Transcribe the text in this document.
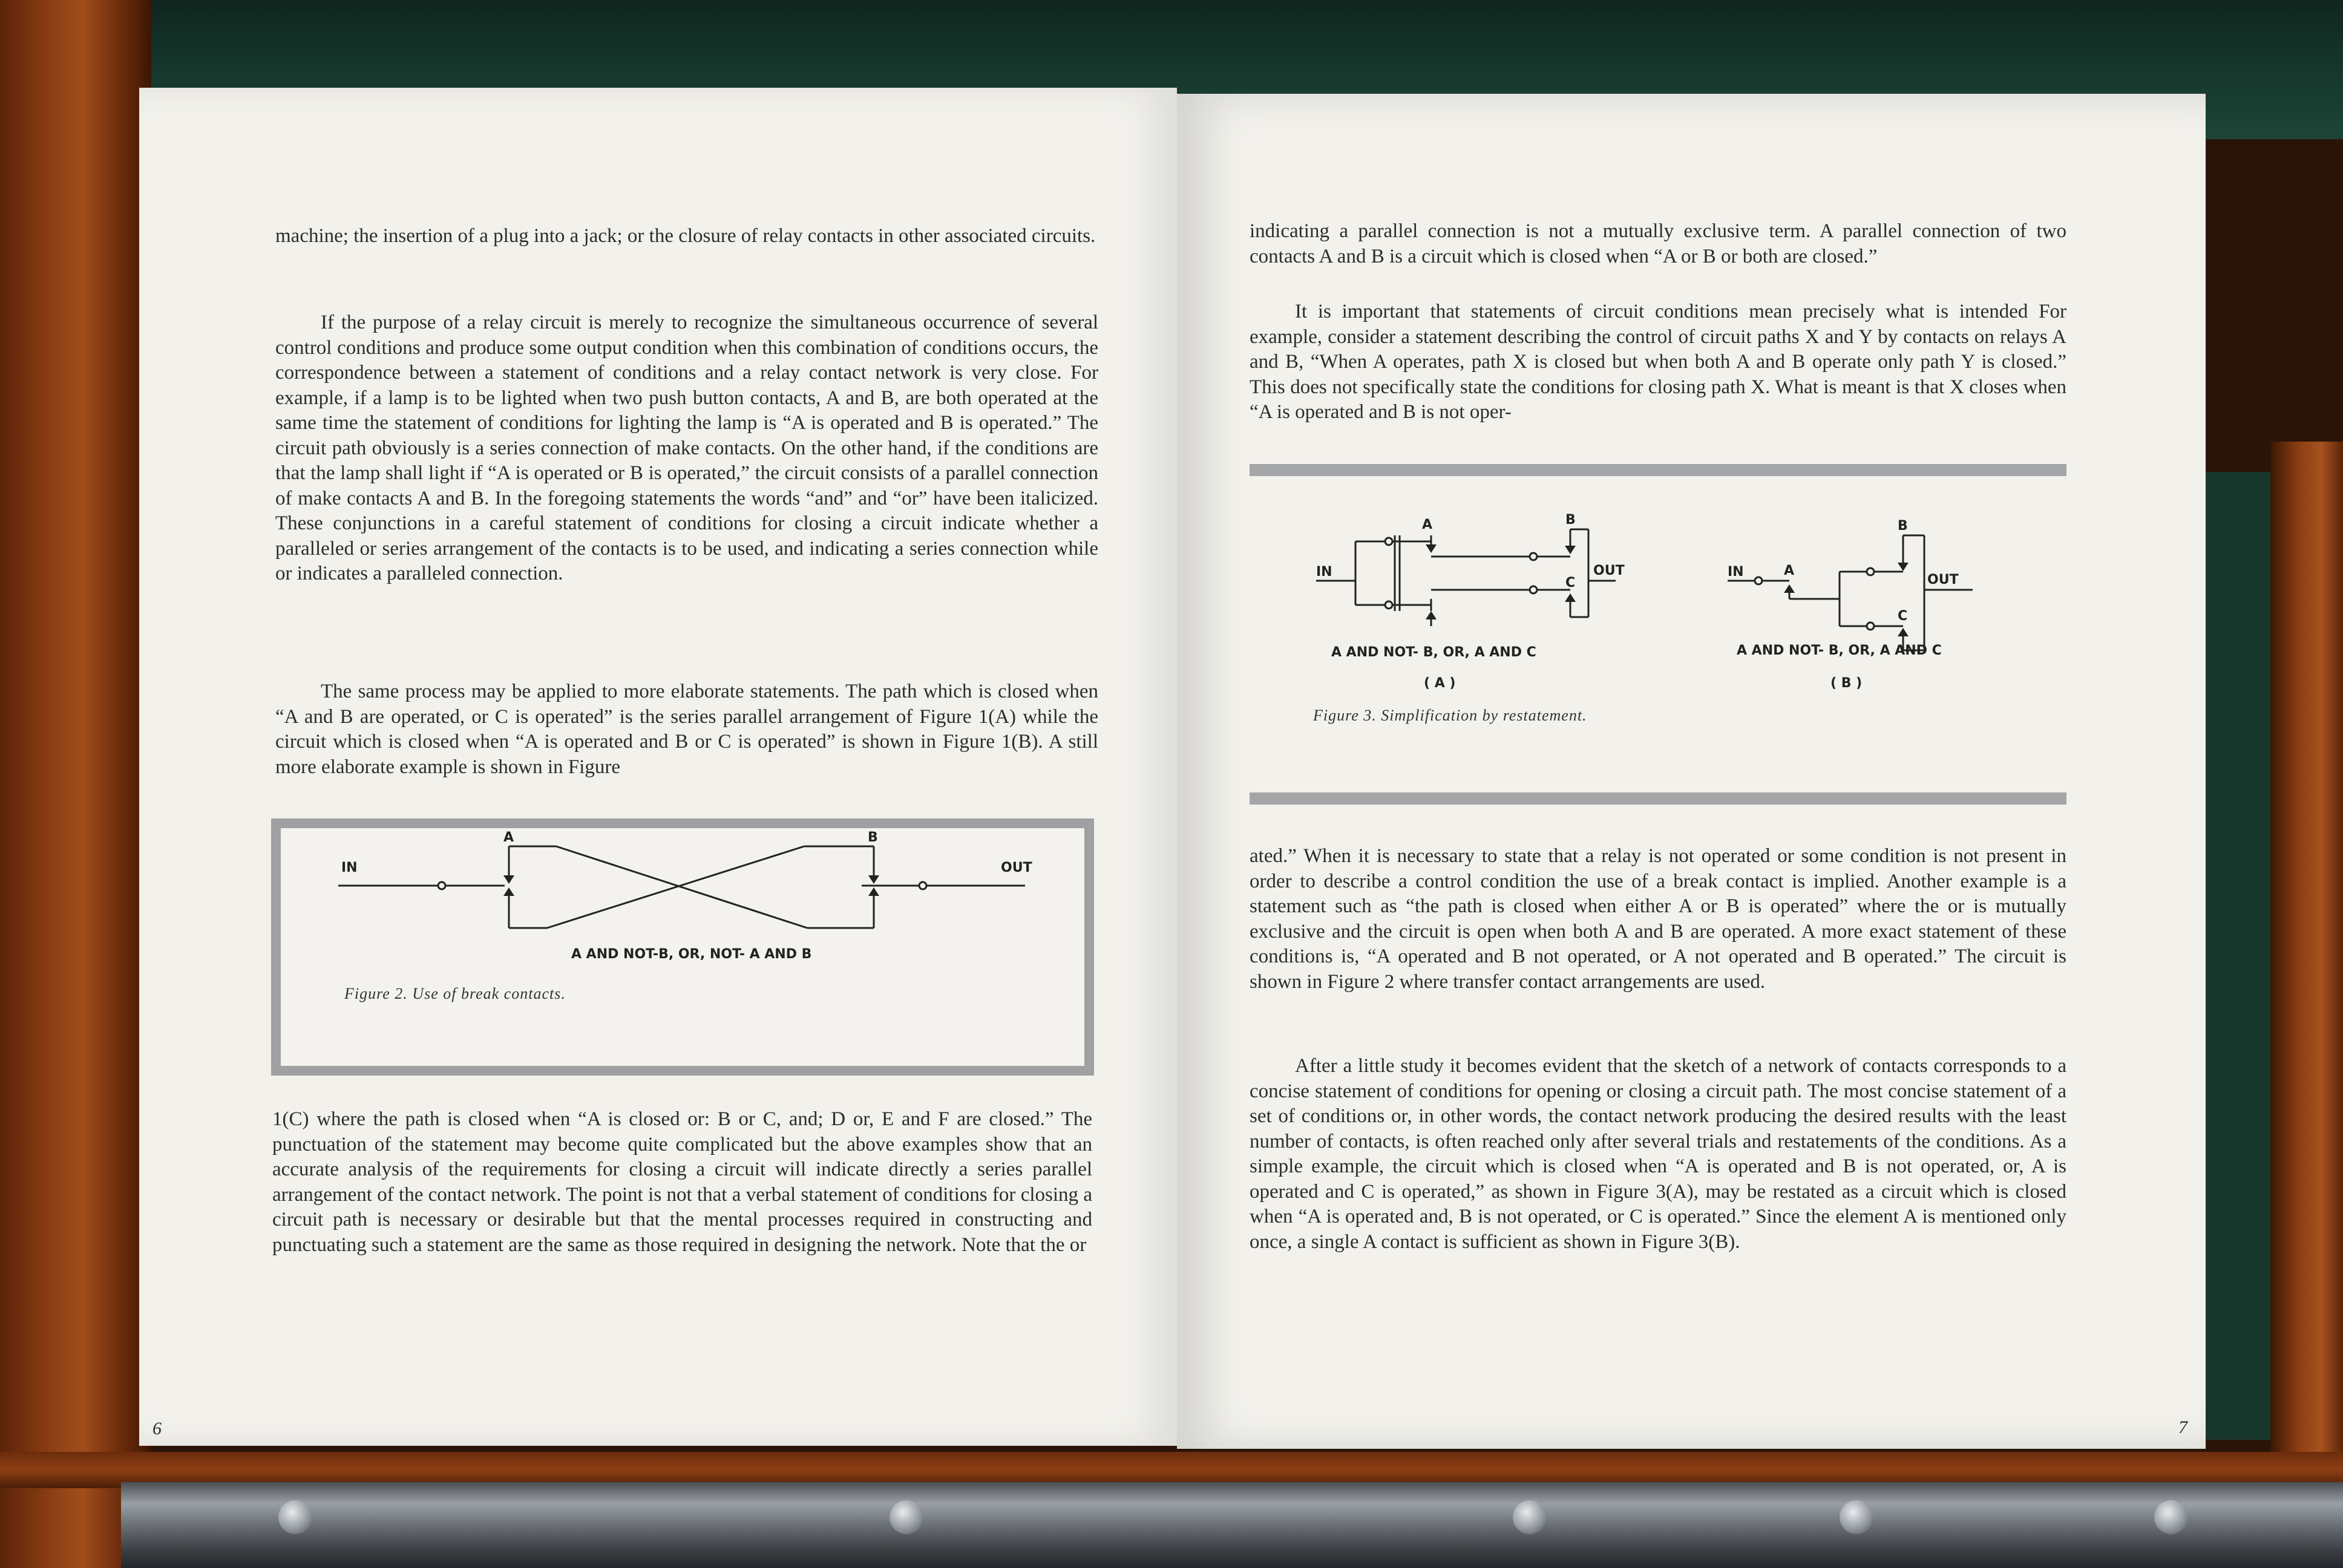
machine; the insertion of a plug into a jack; or the closure of relay contacts in other associated circuits.

If the purpose of a relay circuit is merely to recognize the simultaneous occurrence of several control conditions and produce some output condition when this combination of conditions occurs, the correspondence between a statement of conditions and a relay contact network is very close. For example, if a lamp is to be lighted when two push button contacts, A and B, are both operated at the same time the statement of conditions for lighting the lamp is “A is operated and B is operated.” The circuit path obviously is a series connection of make contacts. On the other hand, if the conditions are that the lamp shall light if “A is operated or B is operated,” the circuit consists of a parallel connection of make contacts A and B. In the foregoing statements the words “and” and “or” have been italicized. These conjunctions in a careful statement of conditions for closing a circuit indicate whether a paralleled or series arrangement of the contacts is to be used, and indicating a series connection while or indicates a paralleled connection.

The same process may be applied to more elaborate statements. The path which is closed when “A and B are operated, or C is operated” is the series parallel arrangement of Figure 1(A) while the circuit which is closed when “A is operated and B or C is operated” is shown in Figure 1(B). A still more elaborate example is shown in Figure

IN	OUT
A	B
A AND NOT-B, OR, NOT- A AND B
Figure 2. Use of break contacts.

1(C) where the path is closed when “A is closed or: B or C, and; D or, E and F are closed.” The punctuation of the statement may become quite complicated but the above examples show that an accurate analysis of the requirements for closing a circuit will indicate directly a series parallel arrangement of the contact network. The point is not that a verbal statement of conditions for closing a circuit path is necessary or desirable but that the mental processes required in constructing and punctuating such a statement are the same as those required in designing the network. Note that the or

6

indicating a parallel connection is not a mutually exclusive term. A parallel connection of two contacts A and B is a circuit which is closed when “A or B or both are closed.”

It is important that statements of circuit conditions mean precisely what is intended For example, consider a statement describing the control of circuit paths X and Y by contacts on relays A and B, “When A operates, path X is closed but when both A and B operate only path Y is closed.” This does not specifically state the conditions for closing path X. What is meant is that X closes when “A is operated and B is not oper-

IN	OUT
A	B
C
IN	A
OUT
B
C
A AND NOT- B, OR, A AND C	A AND NOT- B, OR, A AND C
( A )	( B )
Figure 3. Simplification by restatement.

ated.” When it is necessary to state that a relay is not operated or some condition is not present in order to describe a control condition the use of a break contact is implied. Another example is a statement such as “the path is closed when either A or B is operated” where the or is mutually exclusive and the circuit is open when both A and B are operated. A more exact statement of these conditions is, “A operated and B not operated, or A not operated and B operated.” The circuit is shown in Figure 2 where transfer contact arrangements are used.

After a little study it becomes evident that the sketch of a network of contacts corresponds to a concise statement of conditions for opening or closing a circuit path. The most concise statement of a set of conditions or, in other words, the contact network producing the desired results with the least number of contacts, is often reached only after several trials and restatements of the conditions. As a simple example, the circuit which is closed when “A is operated and B is not operated, or, A is operated and C is operated,” as shown in Figure 3(A), may be restated as a circuit which is closed when “A is operated and, B is not operated, or C is operated.” Since the element A is mentioned only once, a single A contact is sufficient as shown in Figure 3(B).

7
